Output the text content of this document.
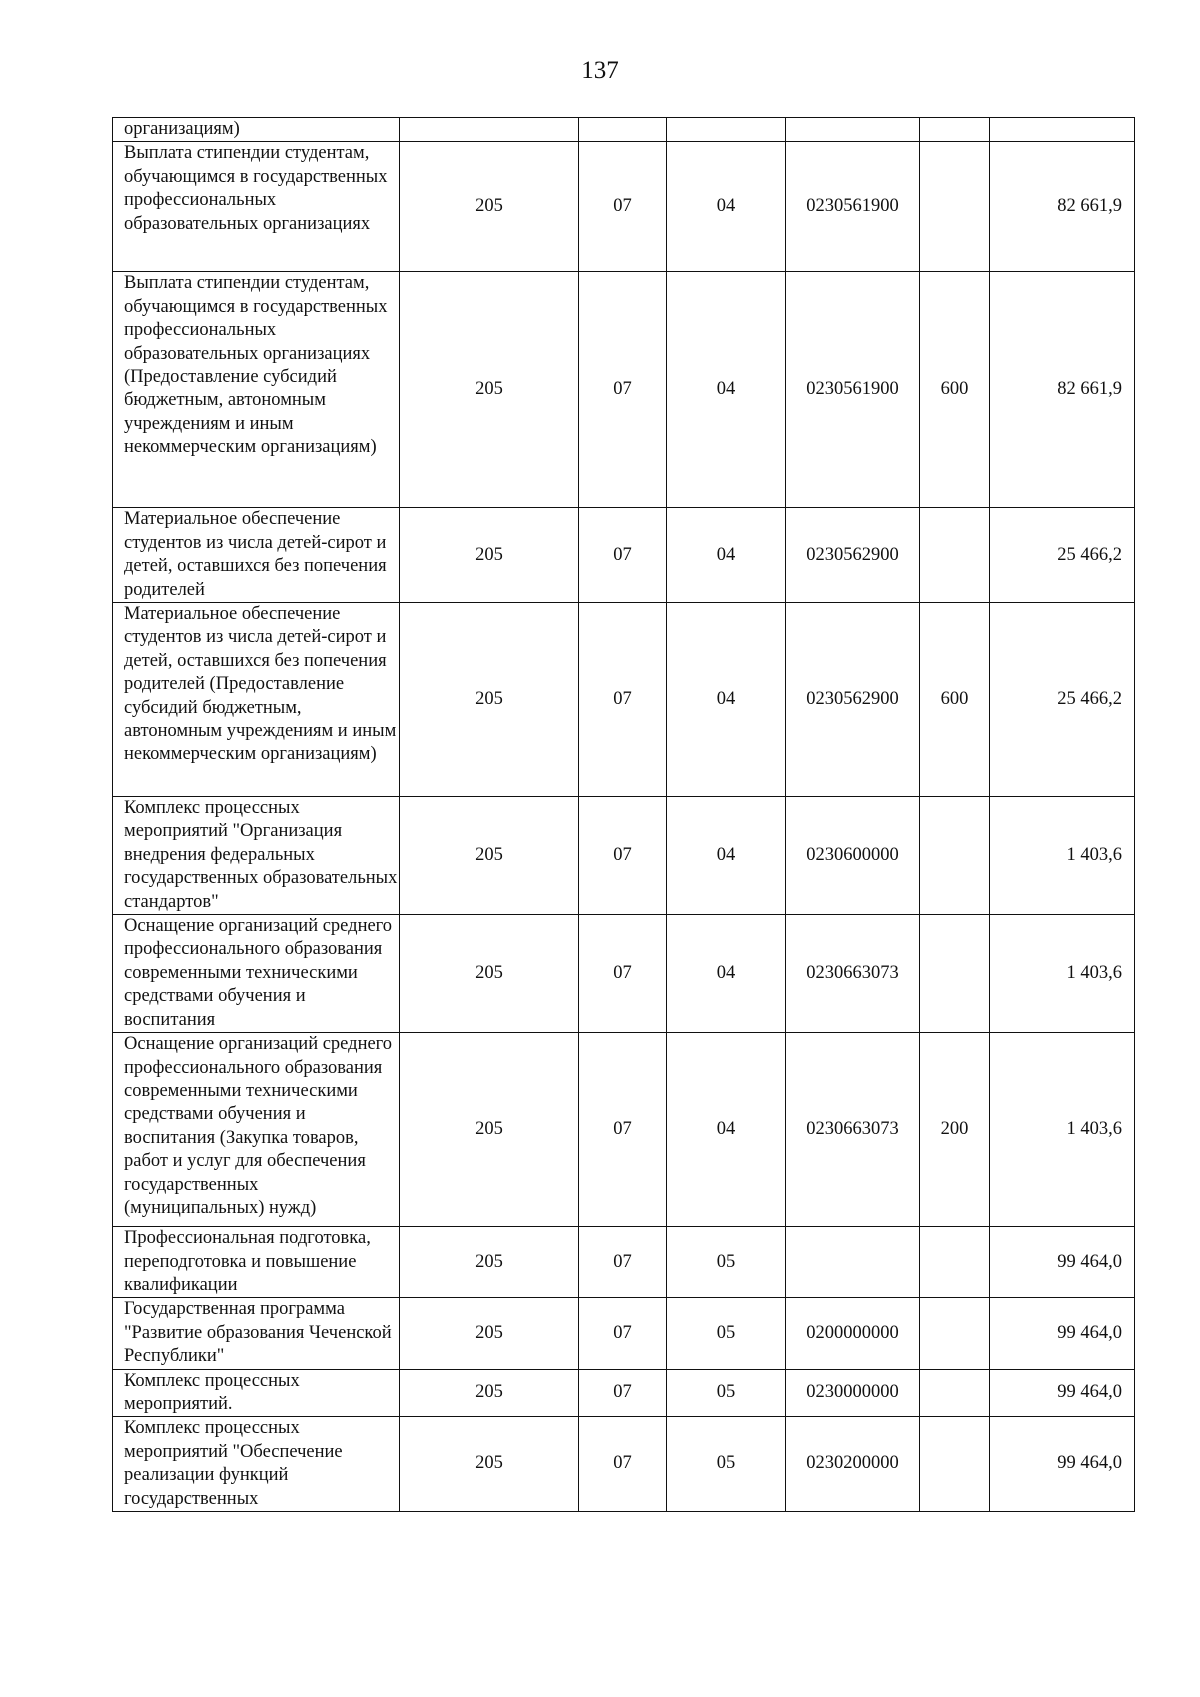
137
организациям)						
Выплата стипендии студентам, обучающимся в государственных профессиональных образовательных организациях	205	07	04	0230561900		82 661,9
Выплата стипендии студентам, обучающимся в государственных профессиональных образовательных организациях (Предоставление субсидий бюджетным, автономным учреждениям и иным некоммерческим организациям)	205	07	04	0230561900	600	82 661,9
Материальное обеспечение студентов из числа детей-сирот и детей, оставшихся без попечения родителей	205	07	04	0230562900		25 466,2
Материальное обеспечение студентов из числа детей-сирот и детей, оставшихся без попечения родителей (Предоставление субсидий бюджетным, автономным учреждениям и иным некоммерческим организациям)	205	07	04	0230562900	600	25 466,2
Комплекс процессных мероприятий "Организация внедрения федеральных государственных образовательных стандартов"	205	07	04	0230600000		1 403,6
Оснащение организаций среднего профессионального образования современными техническими средствами обучения и воспитания	205	07	04	0230663073		1 403,6
Оснащение организаций среднего профессионального образования современными техническими средствами обучения и воспитания (Закупка товаров, работ и услуг для обеспечения государственных (муниципальных) нужд)	205	07	04	0230663073	200	1 403,6
Профессиональная подготовка, переподготовка и повышение квалификации	205	07	05			99 464,0
Государственная программа "Развитие образования Чеченской Республики"	205	07	05	0200000000		99 464,0
Комплекс процессных мероприятий.	205	07	05	0230000000		99 464,0
Комплекс процессных мероприятий "Обеспечение реализации функций государственных	205	07	05	0230200000		99 464,0
